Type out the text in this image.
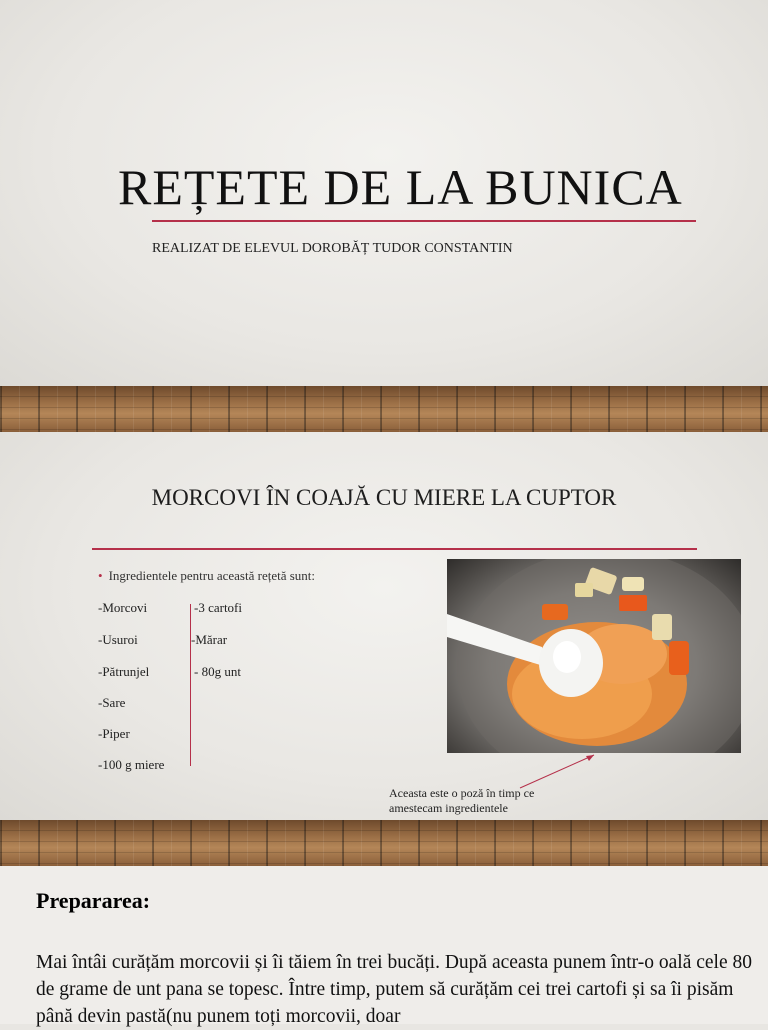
REȚETE DE LA BUNICA
REALIZAT DE ELEVUL DOROBĂȚ TUDOR CONSTANTIN
MORCOVI ÎN COAJĂ CU MIERE LA CUPTOR
• Ingredientele pentru această rețetă sunt:
-Morcovi
-Usuroi
-Pătrunjel
-Sare
-Piper
-100 g miere
-3 cartofi
-Mărar
- 80g unt
Aceasta este o poză în timp ce amestecam ingredientele
Prepararea:
Mai întâi curățăm morcovii și îi tăiem în trei bucăți. După aceasta punem într-o oală cele 80 de grame de unt pana se topesc. Între timp, putem să curățăm cei trei cartofi și sa îi pisăm până devin pastă(nu punem toți morcovii, doar
